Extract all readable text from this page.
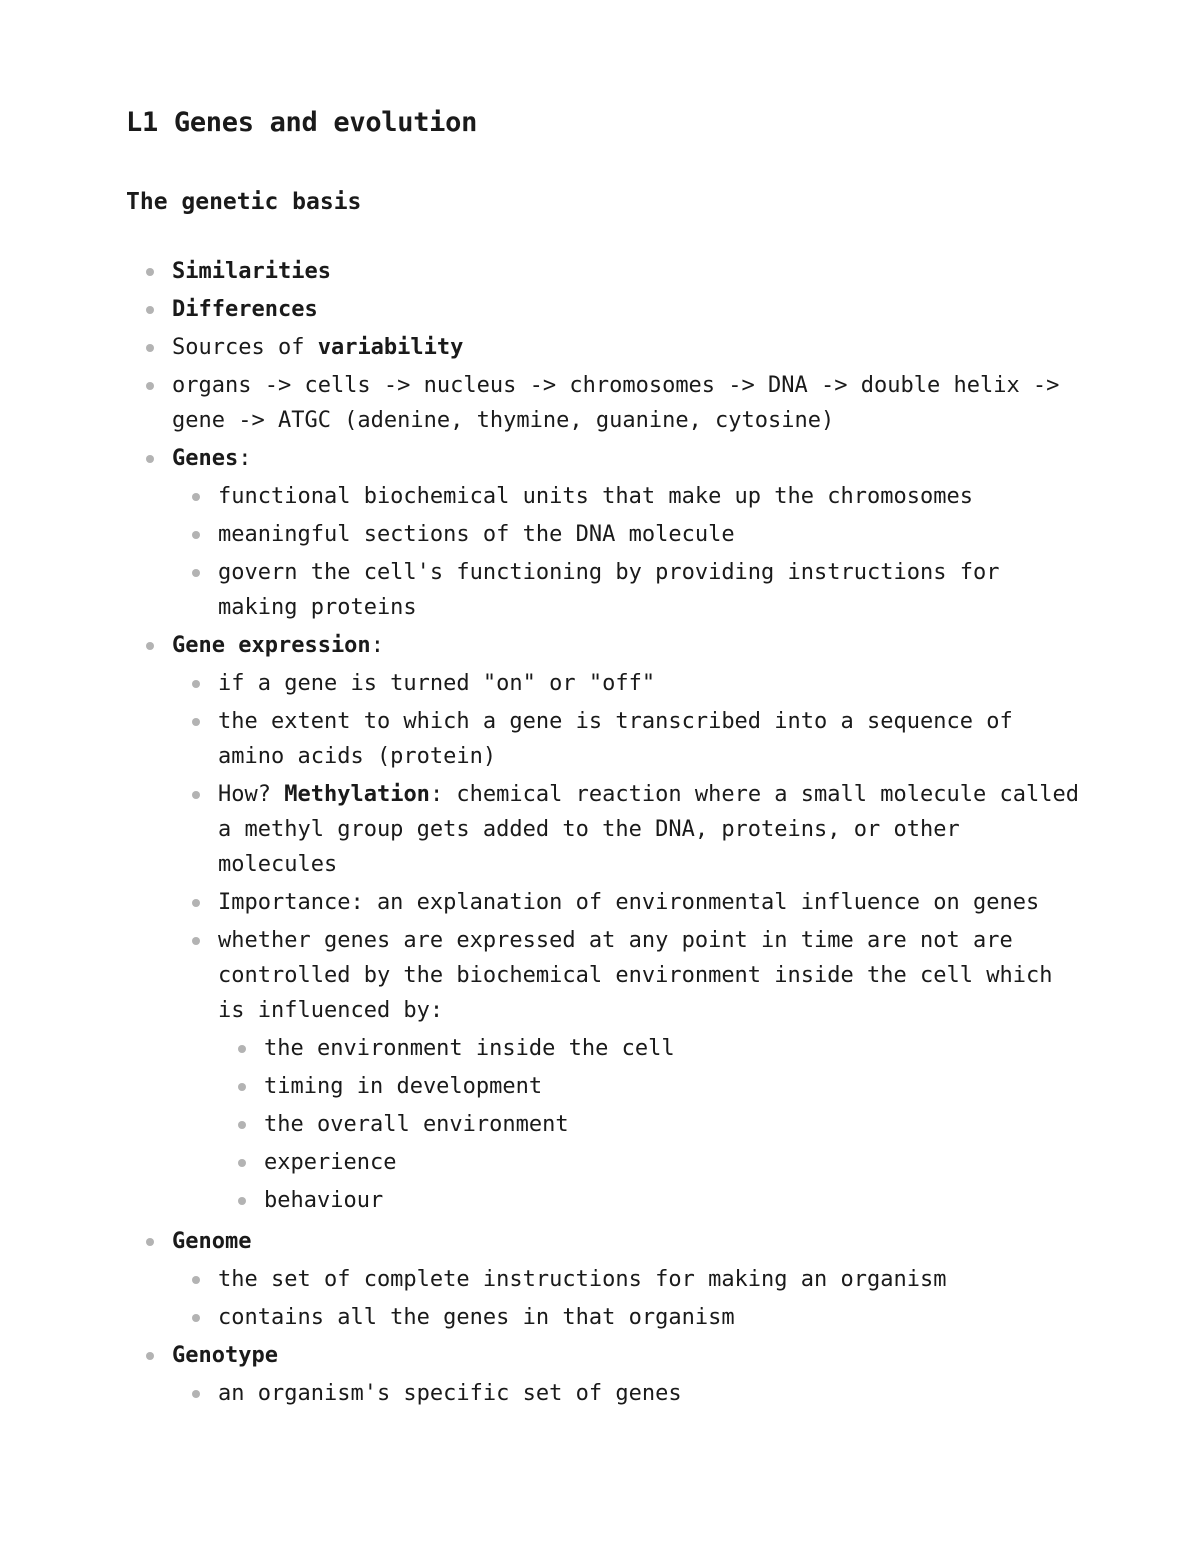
L1 Genes and evolution
The genetic basis
Similarities
Differences
Sources of variability
organs -> cells -> nucleus -> chromosomes -> DNA -> double helix -> gene -> ATGC (adenine, thymine, guanine, cytosine)
Genes:
functional biochemical units that make up the chromosomes
meaningful sections of the DNA molecule
govern the cell's functioning by providing instructions for making proteins
Gene expression:
if a gene is turned "on" or "off"
the extent to which a gene is transcribed into a sequence of amino acids (protein)
How? Methylation: chemical reaction where a small molecule called a methyl group gets added to the DNA, proteins, or other molecules
Importance: an explanation of environmental influence on genes
whether genes are expressed at any point in time are not are controlled by the biochemical environment inside the cell which is influenced by:
the environment inside the cell
timing in development
the overall environment
experience
behaviour
Genome
the set of complete instructions for making an organism
contains all the genes in that organism
Genotype
an organism's specific set of genes
